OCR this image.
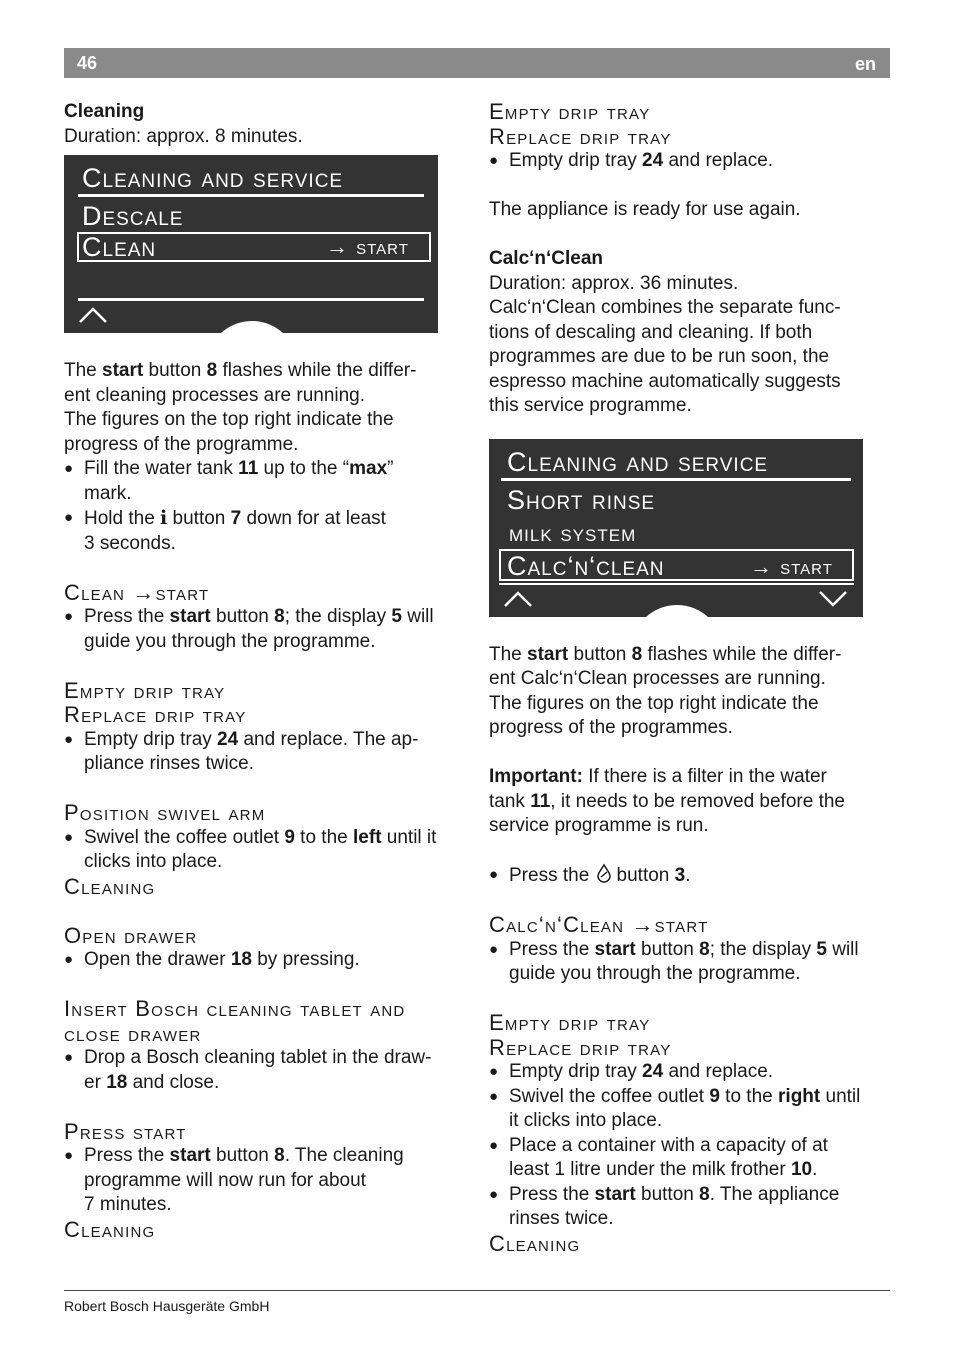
46	en

Cleaning

Duration: approx. 8 minutes.

Cleaning and service
Descale
Clean	→ start

The start button 8 flashes while the differ-

ent cleaning processes are running.

The figures on the top right indicate the

progress of the programme.

● Fill the water tank 11 up to the “max”
mark.
● Hold the i button 7 down for at least
3 seconds.

Clean →start

● Press the start button 8; the display 5 will
guide you through the programme.

Empty drip tray

Replace drip tray

● Empty drip tray 24 and replace. The ap-
pliance rinses twice.

Position swivel arm

● Swivel the coffee outlet 9 to the left until it
clicks into place.

Cleaning

Open drawer

● Open the drawer 18 by pressing.

Insert Bosch cleaning tablet and

close drawer

● Drop a Bosch cleaning tablet in the draw-
er 18 and close.

Press start

● Press the start button 8. The cleaning
programme will now run for about
7 minutes.

Cleaning

Empty drip tray

Replace drip tray

● Empty drip tray 24 and replace.

The appliance is ready for use again.

Calc‘n‘Clean

Duration: approx. 36 minutes.

Calc‘n‘Clean combines the separate func-

tions of descaling and cleaning. If both

programmes are due to be run soon, the

espresso machine automatically suggests

this service programme.

Cleaning and service
Short rinse
milk system
Calc‘n‘clean	→ start

The start button 8 flashes while the differ-

ent Calc‘n‘Clean processes are running.

The figures on the top right indicate the

progress of the programmes.

Important: If there is a filter in the water

tank 11, it needs to be removed before the

service programme is run.

● Press the button 3.

Calc‘n‘Clean →start

● Press the start button 8; the display 5 will
guide you through the programme.

Empty drip tray

Replace drip tray

● Empty drip tray 24 and replace.
● Swivel the coffee outlet 9 to the right until
it clicks into place.
● Place a container with a capacity of at
least 1 litre under the milk frother 10.
● Press the start button 8. The appliance
rinses twice.

Cleaning

Robert Bosch Hausgeräte GmbH
